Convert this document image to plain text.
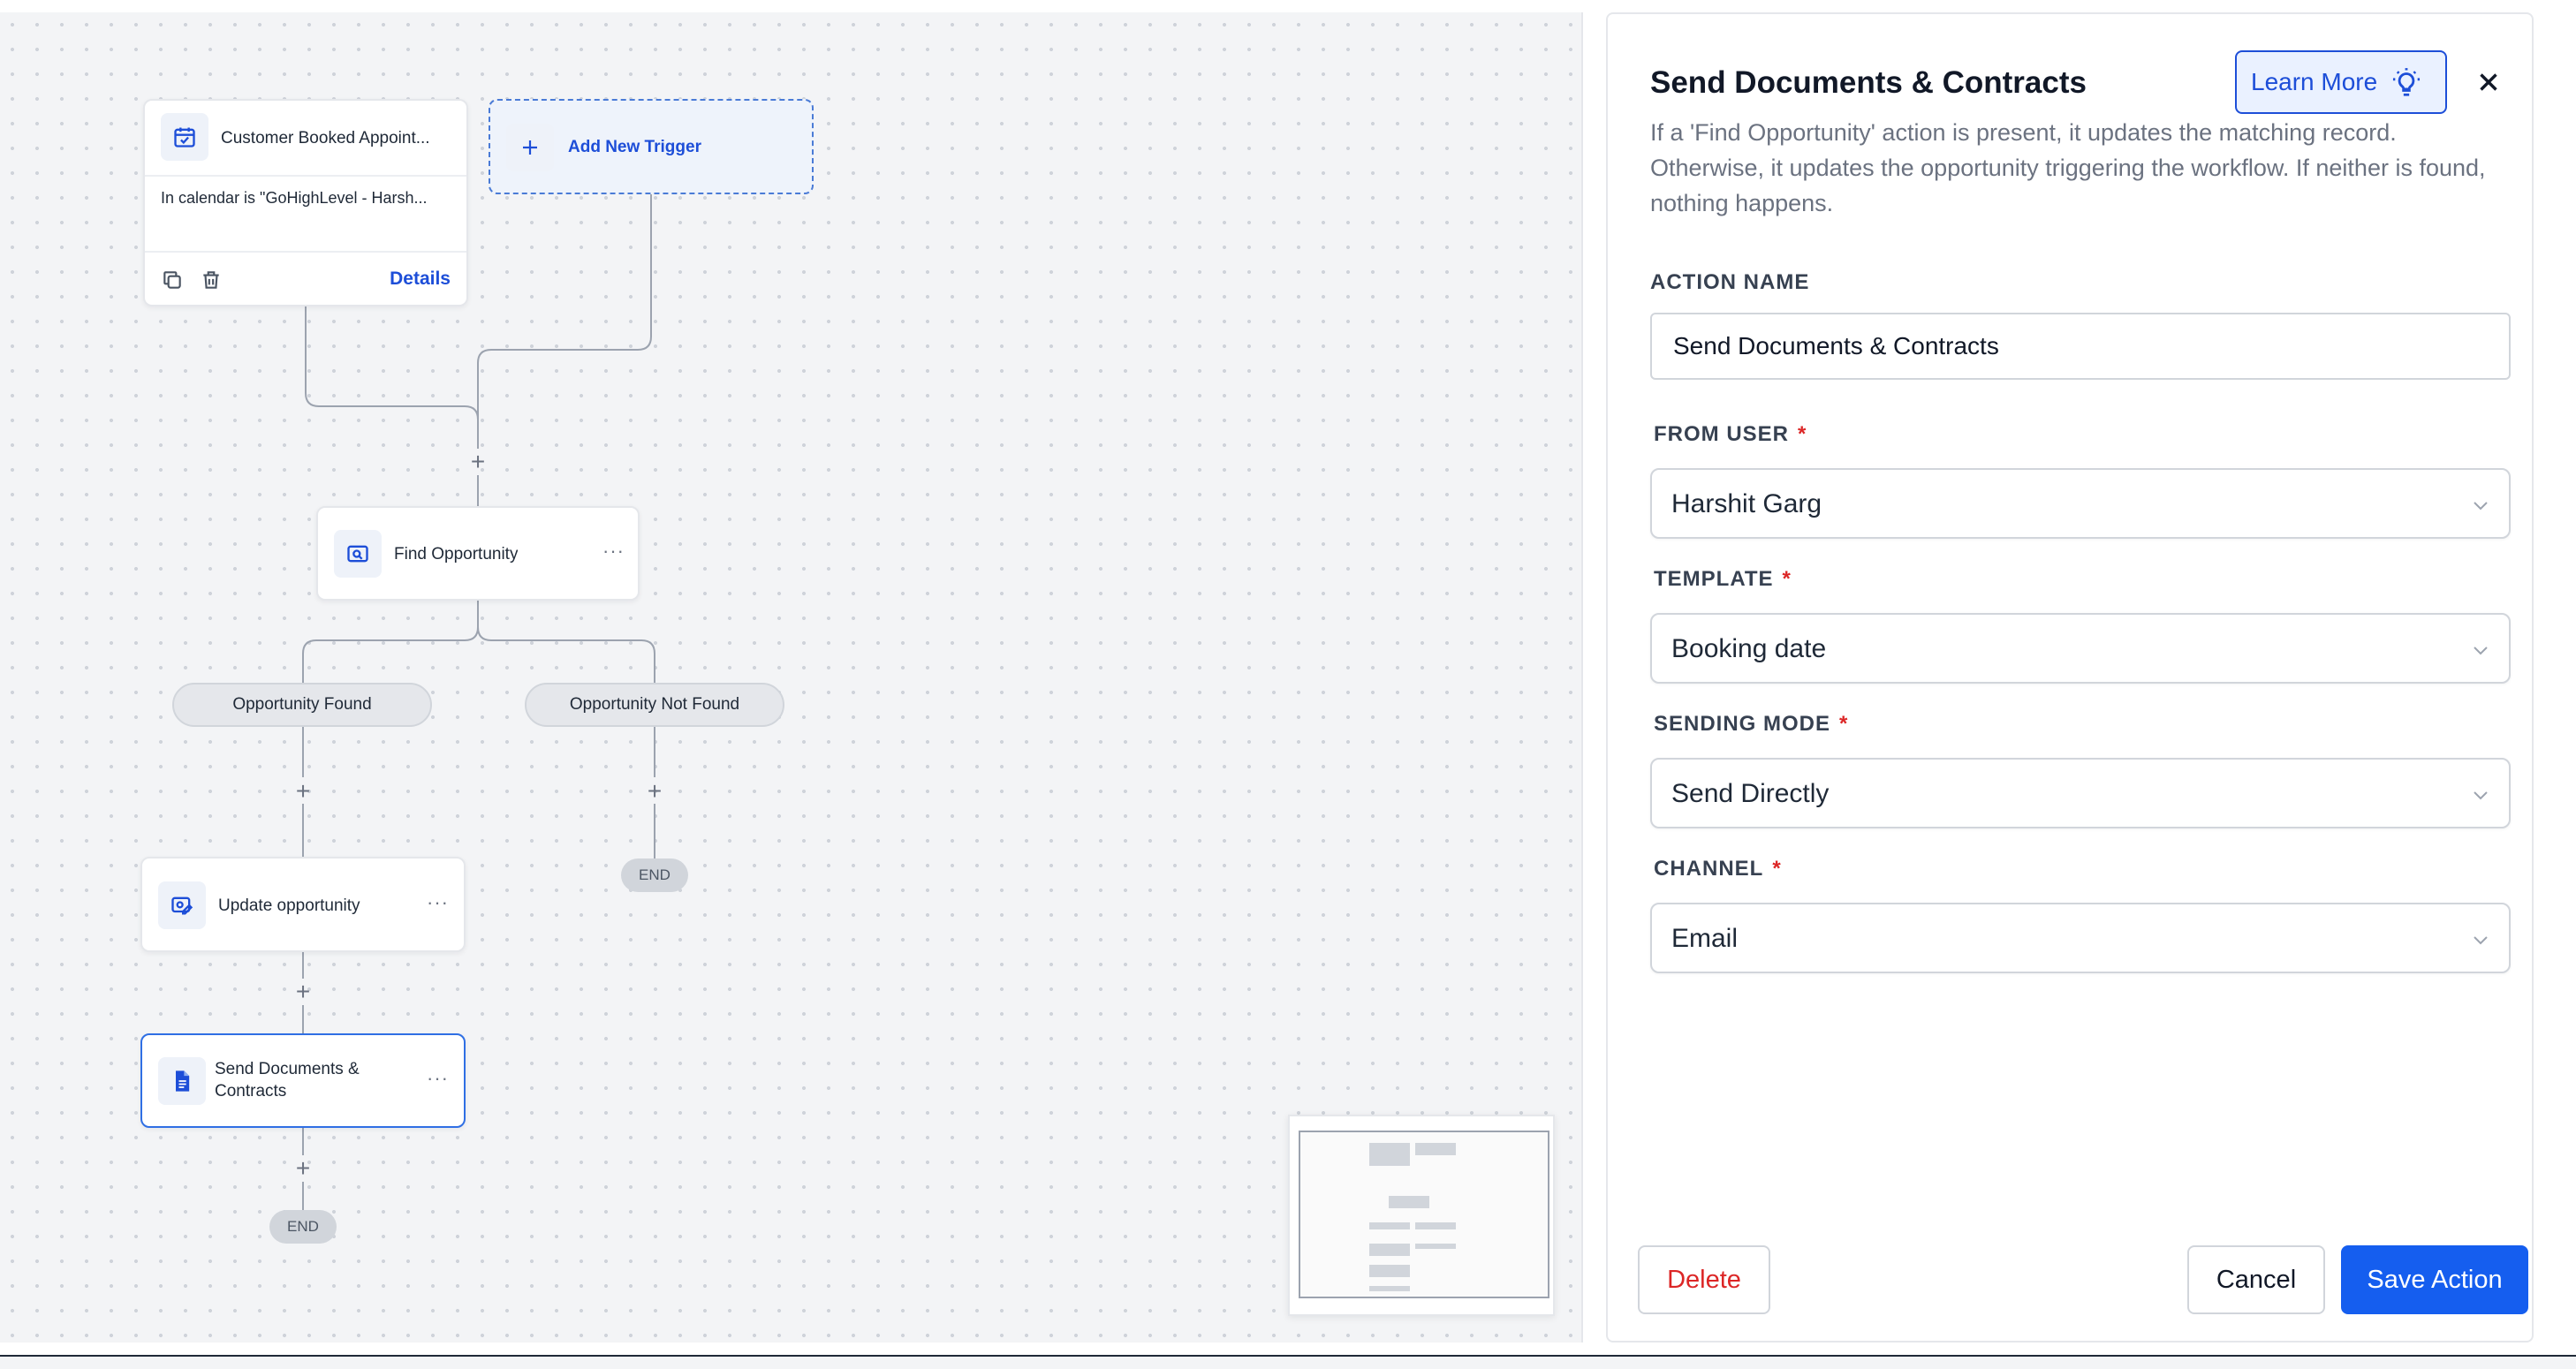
Customer Booked Appoint...
In calendar is "GoHighLevel - Harsh...
Details
Add New Trigger
+
Find Opportunity	···
Opportunity Found	Opportunity Not Found
+	+
END
Update opportunity	···
+
Send Documents &
Contracts
···
+
END
Send Documents & Contracts	Learn More
If a 'Find Opportunity' action is present, it updates the matching record. Otherwise, it updates the opportunity triggering the workflow. If neither is found, nothing happens.
ACTION NAME
Send Documents & Contracts
FROM USER *
Harshit Garg
TEMPLATE *
Booking date
SENDING MODE *
Send Directly
CHANNEL *
Email
Delete	Cancel	Save Action
